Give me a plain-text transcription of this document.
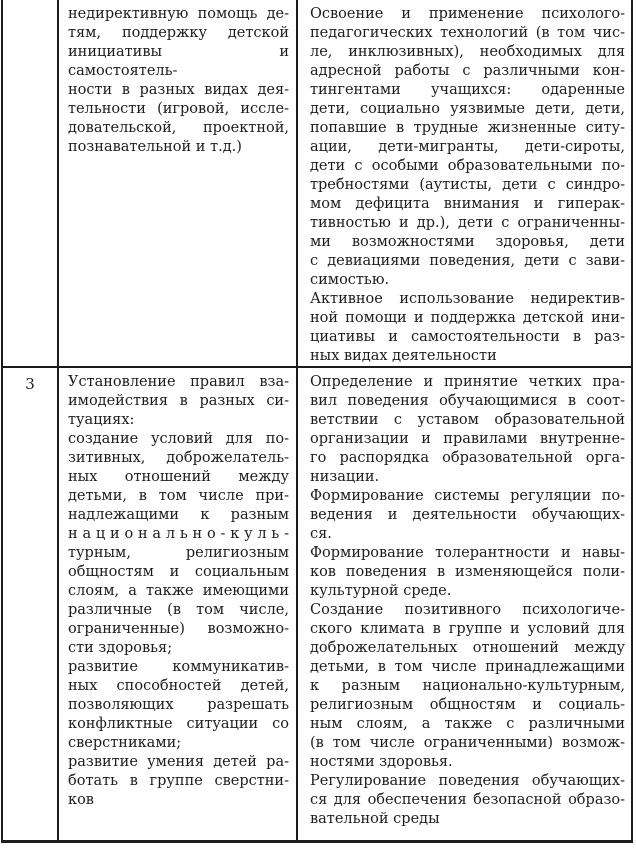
недирективную помощь де-
тям, поддержку детской
инициативы и самостоятель-
ности в разных видах дея-
тельности (игровой, иссле-
довательской, проектной,
познавательной и т.д.)
Освоение и применение психолого-
педагогических технологий (в том чис-
ле, инклюзивных), необходимых для
адресной работы с различными кон-
тингентами учащихся: одаренные
дети, социально уязвимые дети, дети,
попавшие в трудные жизненные ситу-
ации, дети-мигранты, дети-сироты,
дети с особыми образовательными по-
требностями (аутисты, дети с синдро-
мом дефицита внимания и гиперак-
тивностью и др.), дети с ограниченны-
ми возможностями здоровья, дети
с девиациями поведения, дети с зави-
симостью.
Активное использование недиректив-
ной помощи и поддержка детской ини-
циативы и самостоятельности в раз-
ных видах деятельности
3	Установление правил вза-
имодействия в разных си-
туациях:
создание условий для по-
зитивных, доброжелатель-
ных отношений между
детьми, в том числе при-
надлежащими к разным
н а ц и о н а л ь н о - к у л ь -
турным, религиозным
общностям и социальным
слоям, а также имеющими
различные (в том числе,
ограниченные) возможно-
сти здоровья;
развитие коммуникатив-
ных способностей детей,
позволяющих разрешать
конфликтные ситуации со
сверстниками;
развитие умения детей ра-
ботать в группе сверстни-
ков
Определение и принятие четких пра-
вил поведения обучающимися в соот-
ветствии с уставом образовательной
организации и правилами внутренне-
го распорядка образовательной орга-
низации.
Формирование системы регуляции по-
ведения и деятельности обучающих-
ся.
Формирование толерантности и навы-
ков поведения в изменяющейся поли-
культурной среде.
Создание позитивного психологиче-
ского климата в группе и условий для
доброжелательных отношений между
детьми, в том числе принадлежащими
к разным национально-культурным,
религиозным общностям и социаль-
ным слоям, а также с различными
(в том числе ограниченными) возмож-
ностями здоровья.
Регулирование поведения обучающих-
ся для обеспечения безопасной образо-
вательной среды
